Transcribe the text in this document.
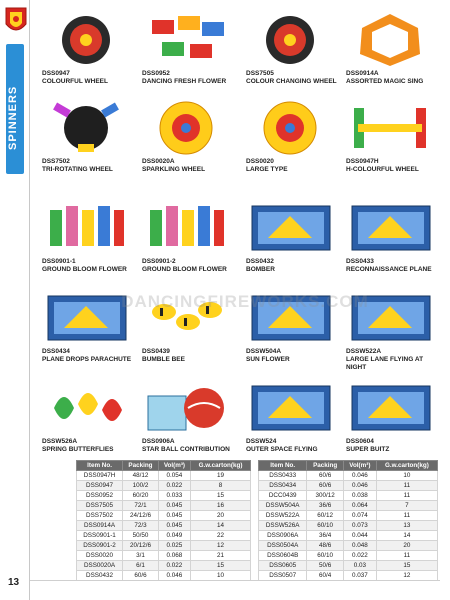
SPINNERS
13
DSS0947
COLOURFUL WHEEL
DSS0952
DANCING FRESH FLOWER
DSS7505
COLOUR CHANGING WHEEL
DSS0914A
ASSORTED MAGIC SING
DSS7502
TRI-ROTATING WHEEL
DSS0020A
SPARKLING WHEEL
DSS0020
LARGE TYPE
DSS0947H
H-COLOURFUL WHEEL
DSS0901-1
GROUND BLOOM FLOWER
DSS0901-2
GROUND BLOOM FLOWER
DSS0432
BOMBER
DSS0433
RECONNAISSANCE PLANE
DSS0434
PLANE DROPS PARACHUTE
DSS0439
BUMBLE BEE
DSSW504A
SUN FLOWER
DSSW522A
LARGE LANE FLYING AT NIGHT
DSSW526A
SPRING BUTTERFLIES
DSS0906A
STAR BALL CONTRIBUTION
DSSW524
OUTER SPACE FLYING
DSS0604
SUPER BUITZ
DANCINGFIREWORKS.COM
Item No.	Packing	Vol(m³)	G.w.carton(kg)
DSS0947H	48/12	0.054	19
DSS0947	100/2	0.022	8
DSS0952	60/20	0.033	15
DSS7505	72/1	0.045	16
DSS7502	24/12/6	0.045	20
DSS0914A	72/3	0.045	14
DSS0901-1	50/50	0.049	22
DSS0901-2	20/12/6	0.025	12
DSS0020	3/1	0.068	21
DSS0020A	6/1	0.022	15
DSS0432	60/6	0.046	10
Item No.	Packing	Vol(m³)	G.w.carton(kg)
DSS0433	60/6	0.046	10
DSS0434	60/6	0.046	11
DCC0439	300/12	0.038	11
DSSW504A	36/6	0.064	7
DSSW522A	60/12	0.074	11
DSSW526A	60/10	0.073	13
DSS0906A	36/4	0.044	14
DSS0504A	48/6	0.048	20
DSS0604B	60/10	0.022	11
DSS0605	50/6	0.03	15
DSS0507	60/4	0.037	12
